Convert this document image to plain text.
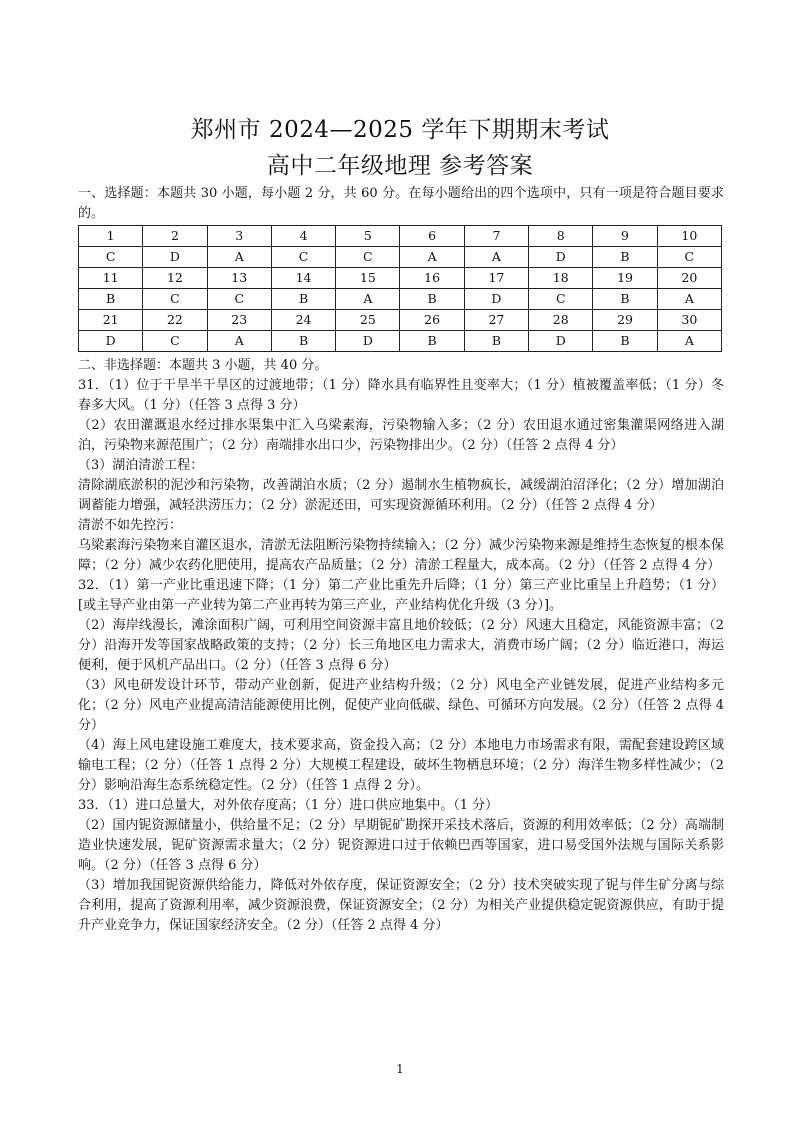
郑州市 2024—2025 学年下期期末考试
高中二年级地理 参考答案
一、选择题：本题共 30 小题，每小题 2 分，共 60 分。在每小题给出的四个选项中，只有一项是符合题目要求的。
1	2	3	4	5	6	7	8	9	10
C	D	A	C	C	A	A	D	B	C
11	12	13	14	15	16	17	18	19	20
B	C	C	B	A	B	D	C	B	A
21	22	23	24	25	26	27	28	29	30
D	C	A	B	D	B	B	D	B	A

二、非选择题：本题共 3 小题，共 40 分。

31．（1）位于干旱半干旱区的过渡地带；（1 分）降水具有临界性且变率大；（1 分）植被覆盖率低；（1 分）冬春多大风。（1 分）（任答 3 点得 3 分）

（2）农田灌溉退水经过排水渠集中汇入乌梁素海，污染物输入多；（2 分）农田退水通过密集灌渠网络进入湖泊，污染物来源范围广；（2 分）南端排水出口少，污染物排出少。（2 分）（任答 2 点得 4 分）

（3）湖泊清淤工程：

清除湖底淤积的泥沙和污染物，改善湖泊水质；（2 分）遏制水生植物疯长，减缓湖泊沼泽化；（2 分）增加湖泊调蓄能力增强，减轻洪涝压力；（2 分）淤泥还田，可实现资源循环利用。（2 分）（任答 2 点得 4 分）

清淤不如先控污：

乌梁素海污染物来自灌区退水，清淤无法阻断污染物持续输入；（2 分）减少污染物来源是维持生态恢复的根本保障；（2 分）减少农药化肥使用，提高农产品质量；（2 分）清淤工程量大，成本高。（2 分）（任答 2 点得 4 分）

32．（1）第一产业比重迅速下降；（1 分）第二产业比重先升后降；（1 分）第三产业比重呈上升趋势；（1 分）[或主导产业由第一产业转为第二产业再转为第三产业，产业结构优化升级（3 分）]。

（2）海岸线漫长，滩涂面积广阔，可利用空间资源丰富且地价较低；（2 分）风速大且稳定，风能资源丰富；（2 分）沿海开发等国家战略政策的支持；（2 分）长三角地区电力需求大，消费市场广阔；（2 分）临近港口，海运便利，便于风机产品出口。（2 分）（任答 3 点得 6 分）

（3）风电研发设计环节，带动产业创新，促进产业结构升级；（2 分）风电全产业链发展，促进产业结构多元化；（2 分）风电产业提高清洁能源使用比例，促使产业向低碳、绿色、可循环方向发展。（2 分）（任答 2 点得 4 分）

（4）海上风电建设施工难度大，技术要求高，资金投入高；（2 分）本地电力市场需求有限，需配套建设跨区域输电工程；（2 分）（任答 1 点得 2 分）大规模工程建设，破坏生物栖息环境；（2 分）海洋生物多样性减少；（2 分）影响沿海生态系统稳定性。（2 分）（任答 1 点得 2 分）。

33．（1）进口总量大，对外依存度高；（1 分）进口供应地集中。（1 分）

（2）国内铌资源储量小，供给量不足；（2 分）早期铌矿勘探开采技术落后，资源的利用效率低；（2 分）高端制造业快速发展，铌矿资源需求量大；（2 分）铌资源进口过于依赖巴西等国家，进口易受国外法规与国际关系影响。（2 分）（任答 3 点得 6 分）

（3）增加我国铌资源供给能力，降低对外依存度，保证资源安全；（2 分）技术突破实现了铌与伴生矿分离与综合利用，提高了资源利用率，减少资源浪费，保证资源安全；（2 分）为相关产业提供稳定铌资源供应，有助于提升产业竞争力，保证国家经济安全。（2 分）（任答 2 点得 4 分）

1
